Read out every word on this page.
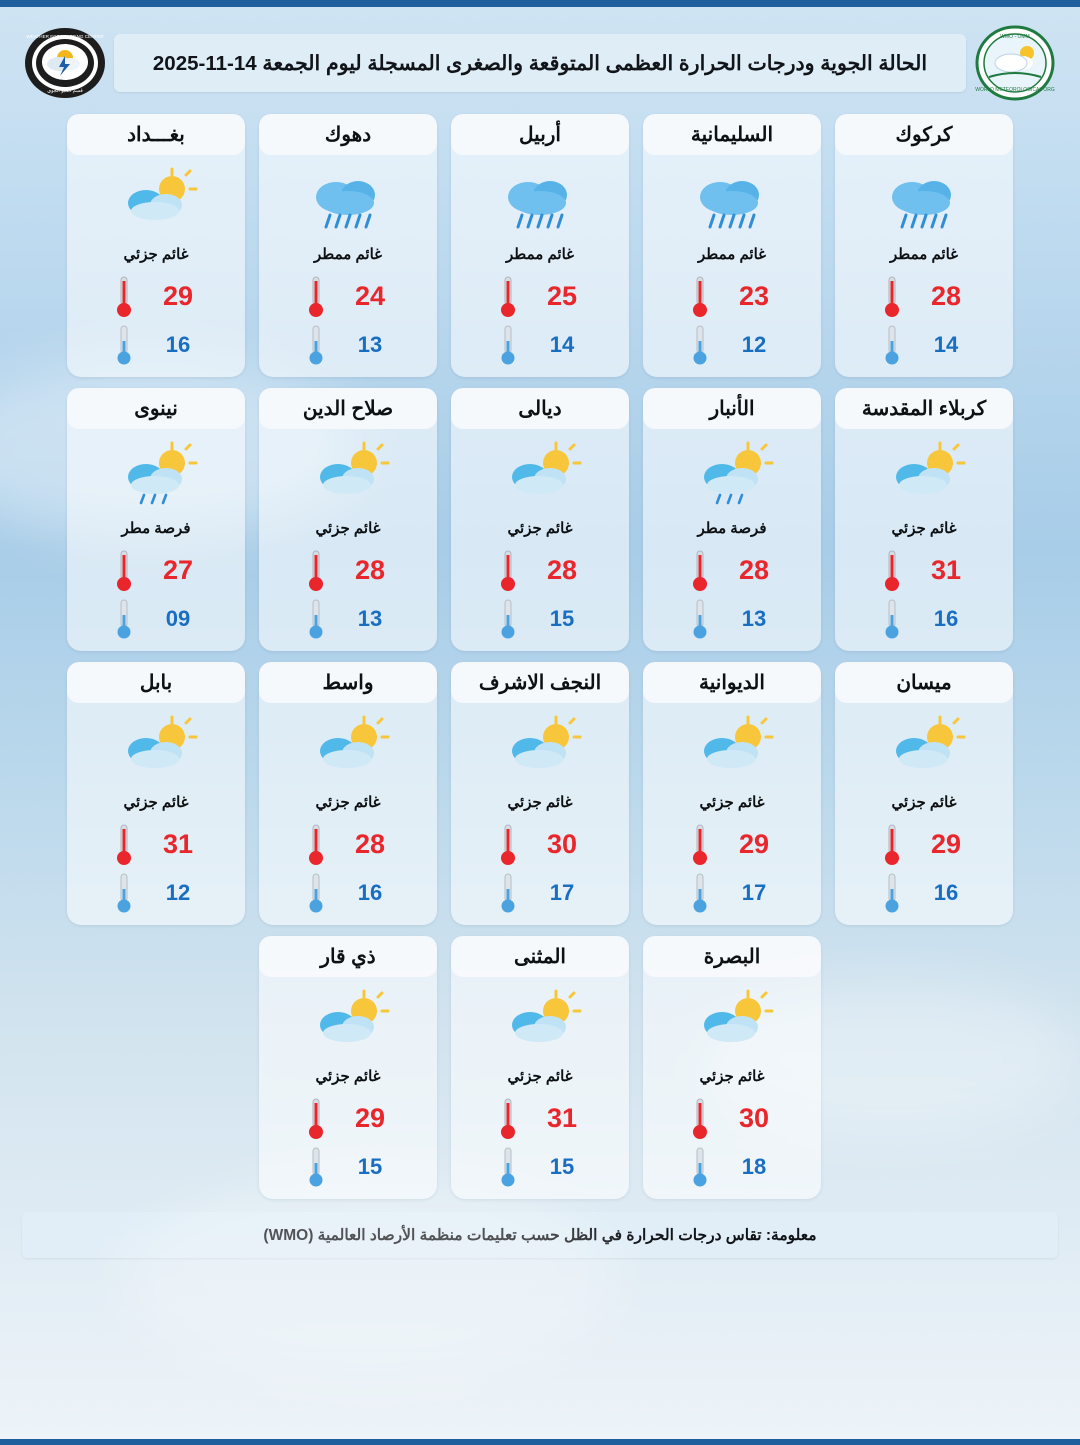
WORLD METEOROLOGICAL ORG
WMO - OMM
الحالة الجوية ودرجات الحرارة العظمى المتوقعة والصغرى المسجلة ليوم الجمعة 14-11-2025
WEATHER FORECASTING CENTER
قسم التنبؤ الجوي
كركوك
غائم ممطر
28
14
السليمانية
غائم ممطر
23
12
أربيل
غائم ممطر
25
14
دهوك
غائم ممطر
24
13
بغـــداد
غائم جزئي
29
16
كربلاء المقدسة
غائم جزئي
31
16
الأنبار
فرصة مطر
28
13
ديالى
غائم جزئي
28
15
صلاح الدين
غائم جزئي
28
13
نينوى
فرصة مطر
27
09
ميسان
غائم جزئي
29
16
الديوانية
غائم جزئي
29
17
النجف الاشرف
غائم جزئي
30
17
واسط
غائم جزئي
28
16
بابل
غائم جزئي
31
12
البصرة
غائم جزئي
30
18
المثنى
غائم جزئي
31
15
ذي قار
غائم جزئي
29
15
معلومة: تقاس درجات الحرارة في الظل حسب تعليمات منظمة الأرصاد العالمية (WMO)
